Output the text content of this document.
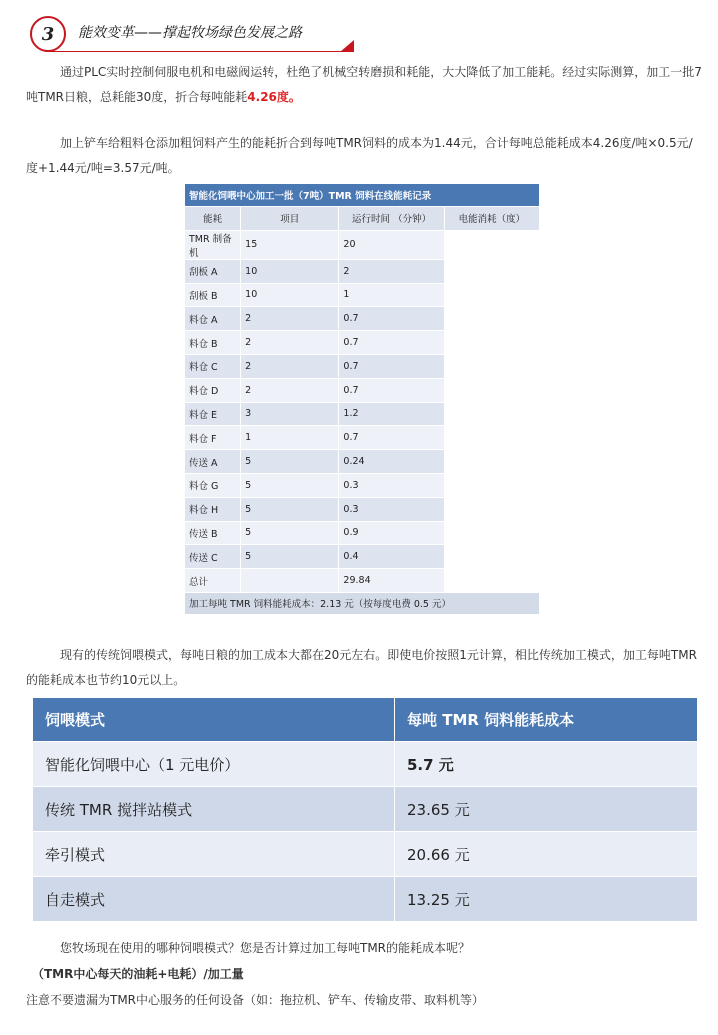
3	能效变革——撑起牧场绿色发展之路
通过PLC实时控制伺服电机和电磁阀运转，杜绝了机械空转磨损和耗能，大大降低了加工能耗。经过实际测算，加工一批7吨TMR日粮，总耗能30度，折合每吨能耗4.26度。
加上铲车给粗料仓添加粗饲料产生的能耗折合到每吨TMR饲料的成本为1.44元，合计每吨总能耗成本4.26度/吨×0.5元/度+1.44元/吨=3.57元/吨。
智能化饲喂中心加工一批（7吨）TMR 饲料在线能耗记录			
能耗	项目	运行时间 （分钟）	电能消耗（度）
TMR 制备机	15	20	
刮板 A	10	2	
刮板 B	10	1	
料仓 A	2	0.7	
料仓 B	2	0.7	
料仓 C	2	0.7	
料仓 D	2	0.7	
料仓 E	3	1.2	
料仓 F	1	0.7	
传送 A	5	0.24	
料仓 G	5	0.3	
料仓 H	5	0.3	
传送 B	5	0.9	
传送 C	5	0.4	
总计		29.84	
加工每吨 TMR 饲料能耗成本：2.13 元（按每度电费 0.5 元）			
现有的传统饲喂模式，每吨日粮的加工成本大都在20元左右。即使电价按照1元计算，相比传统加工模式，加工每吨TMR的能耗成本也节约10元以上。
饲喂模式	每吨 TMR 饲料能耗成本
智能化饲喂中心（1 元电价）	5.7 元
传统 TMR 搅拌站模式	23.65 元
牵引模式	20.66 元
自走模式	13.25 元
您牧场现在使用的哪种饲喂模式？您是否计算过加工每吨TMR的能耗成本呢？
（TMR中心每天的油耗+电耗）/加工量
注意不要遗漏为TMR中心服务的任何设备（如：拖拉机、铲车、传输皮带、取料机等）
